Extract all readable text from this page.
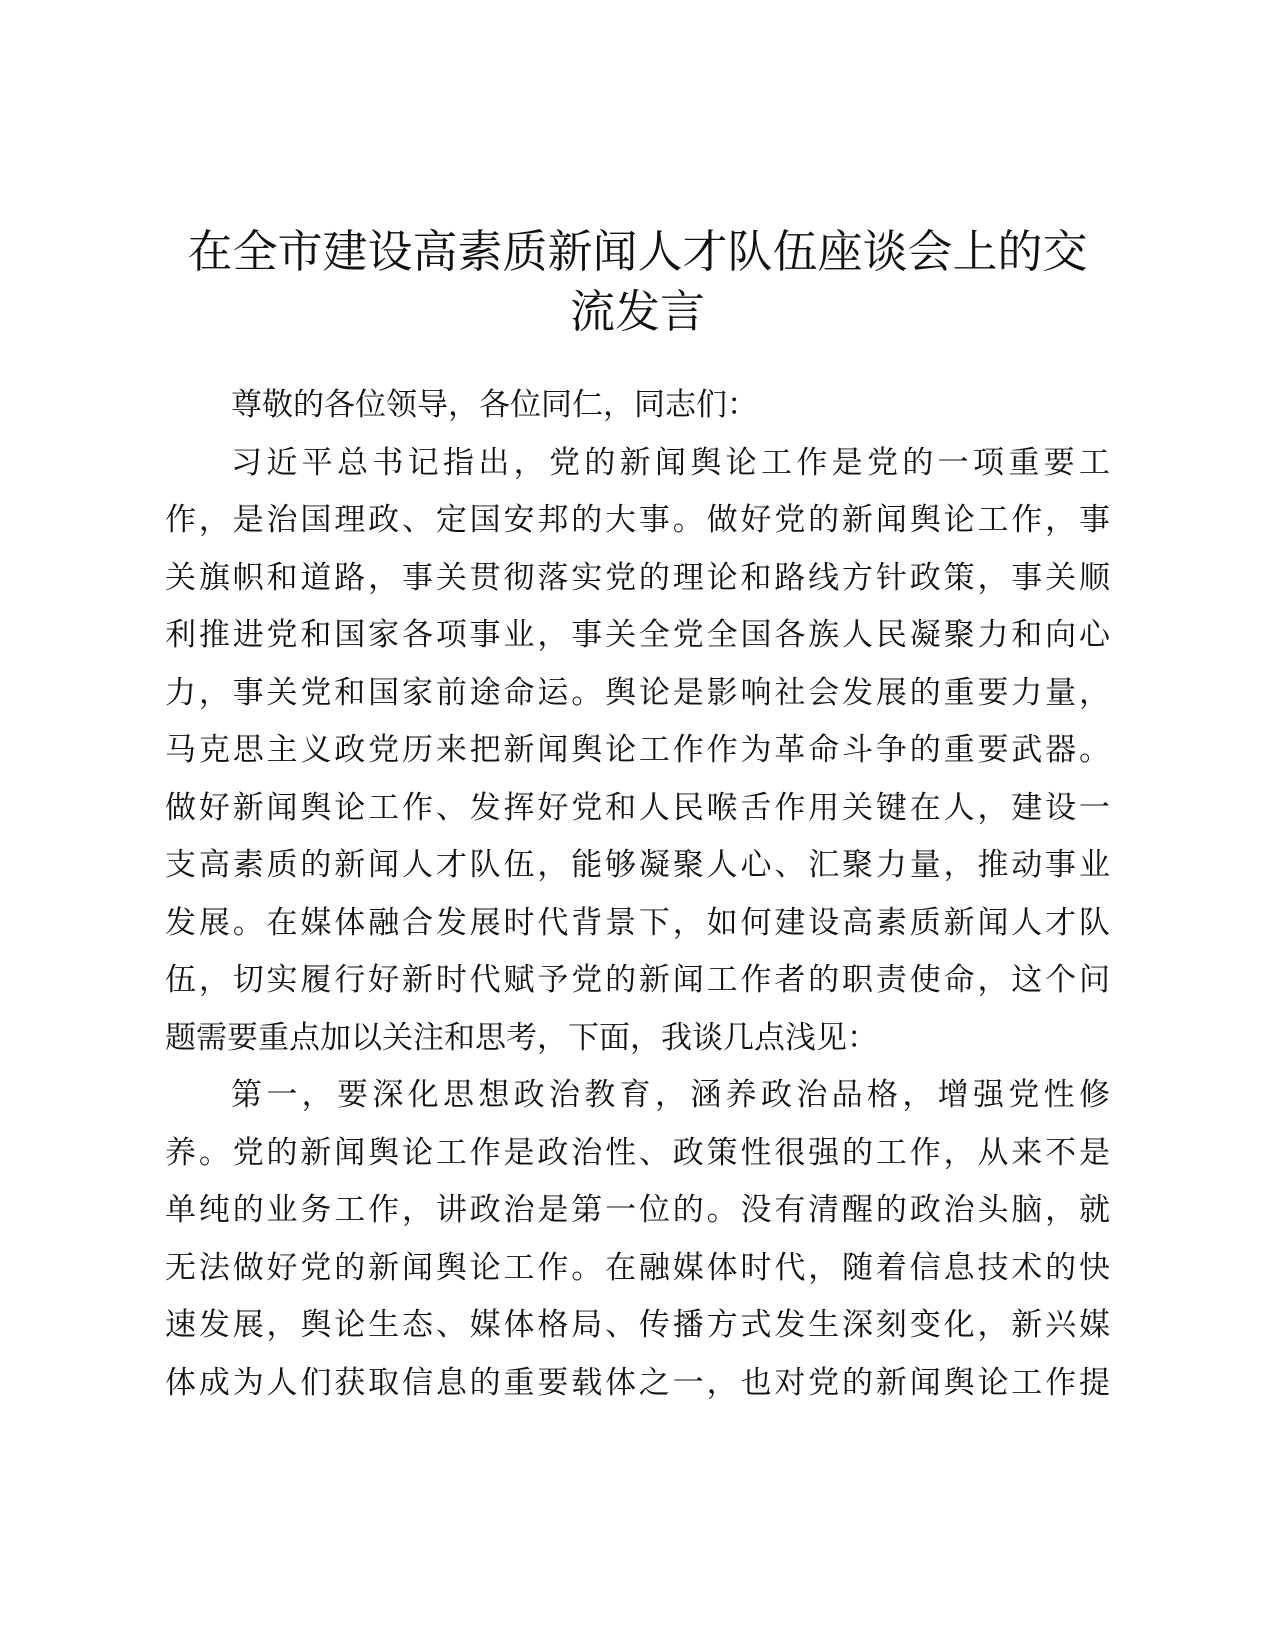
在全市建设高素质新闻人才队伍座谈会上的交
流发言
尊敬的各位领导，各位同仁，同志们：
习近平总书记指出，党的新闻舆论工作是党的一项重要工
作，是治国理政、定国安邦的大事。做好党的新闻舆论工作，事
关旗帜和道路，事关贯彻落实党的理论和路线方针政策，事关顺
利推进党和国家各项事业，事关全党全国各族人民凝聚力和向心
力，事关党和国家前途命运。舆论是影响社会发展的重要力量，
马克思主义政党历来把新闻舆论工作作为革命斗争的重要武器。
做好新闻舆论工作、发挥好党和人民喉舌作用关键在人，建设一
支高素质的新闻人才队伍，能够凝聚人心、汇聚力量，推动事业
发展。在媒体融合发展时代背景下，如何建设高素质新闻人才队
伍，切实履行好新时代赋予党的新闻工作者的职责使命，这个问
题需要重点加以关注和思考，下面，我谈几点浅见：
第一，要深化思想政治教育，涵养政治品格，增强党性修
养。党的新闻舆论工作是政治性、政策性很强的工作，从来不是
单纯的业务工作，讲政治是第一位的。没有清醒的政治头脑，就
无法做好党的新闻舆论工作。在融媒体时代，随着信息技术的快
速发展，舆论生态、媒体格局、传播方式发生深刻变化，新兴媒
体成为人们获取信息的重要载体之一，也对党的新闻舆论工作提
